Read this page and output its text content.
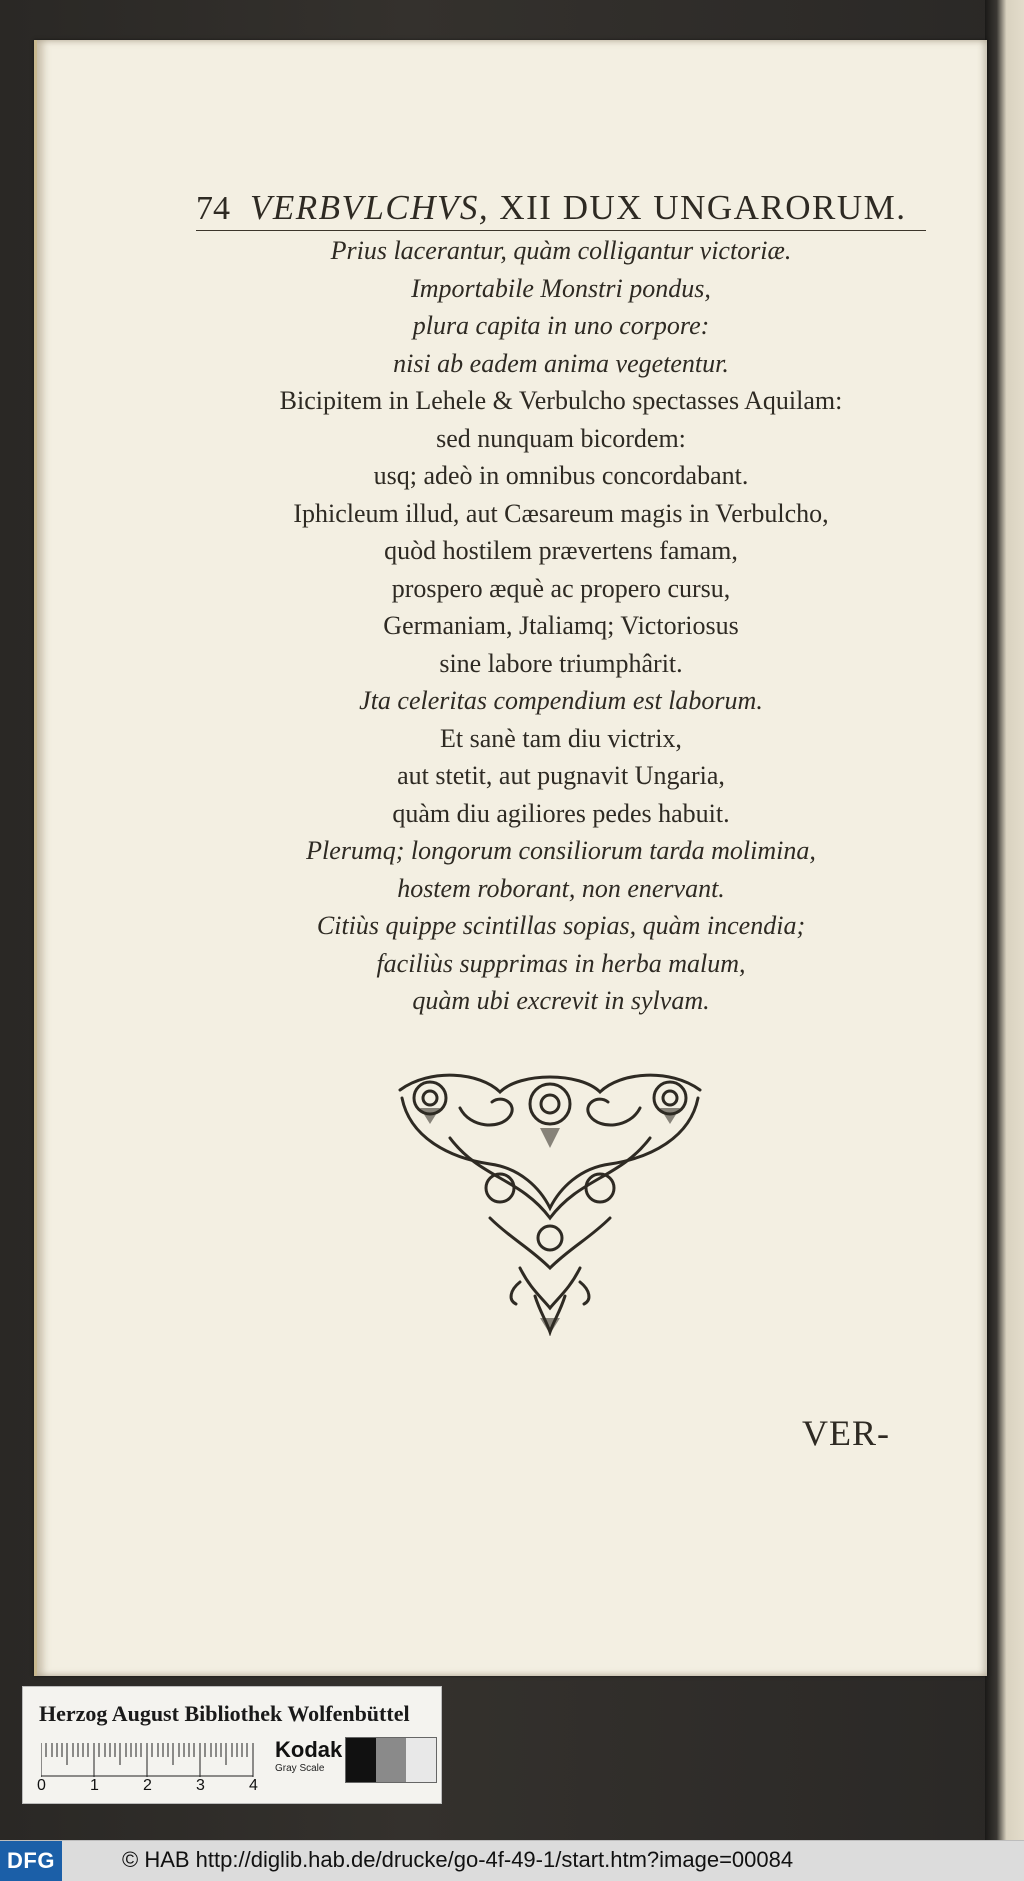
74 VERBVLCHVS, XII DUX UNGARORUM.

Prius lacerantur, quàm colligantur victoriæ.

Importabile Monstri pondus,

plura capita in uno corpore:

nisi ab eadem anima vegetentur.

Bicipitem in Lehele & Verbulcho spectasses Aquilam:

sed nunquam bicordem:

usq; adeò in omnibus concordabant.

Iphicleum illud, aut Cæsareum magis in Verbulcho,

quòd hostilem prævertens famam,

prospero æquè ac propero cursu,

Germaniam, Jtaliamq; Victoriosus

sine labore triumphârit.

Jta celeritas compendium est laborum.

Et sanè tam diu victrix,

aut stetit, aut pugnavit Ungaria,

quàm diu agiliores pedes habuit.

Plerumq; longorum consiliorum tarda molimina,

hostem roborant, non enervant.

Citiùs quippe scintillas sopias, quàm incendia;

faciliùs supprimas in herba malum,

quàm ubi excrevit in sylvam.

VER-
Herzog August Bibliothek Wolfenbüttel
0	1	2	3	4
Kodak
Gray Scale
DFG	© HAB http://diglib.hab.de/drucke/go-4f-49-1/start.htm?image=00084
